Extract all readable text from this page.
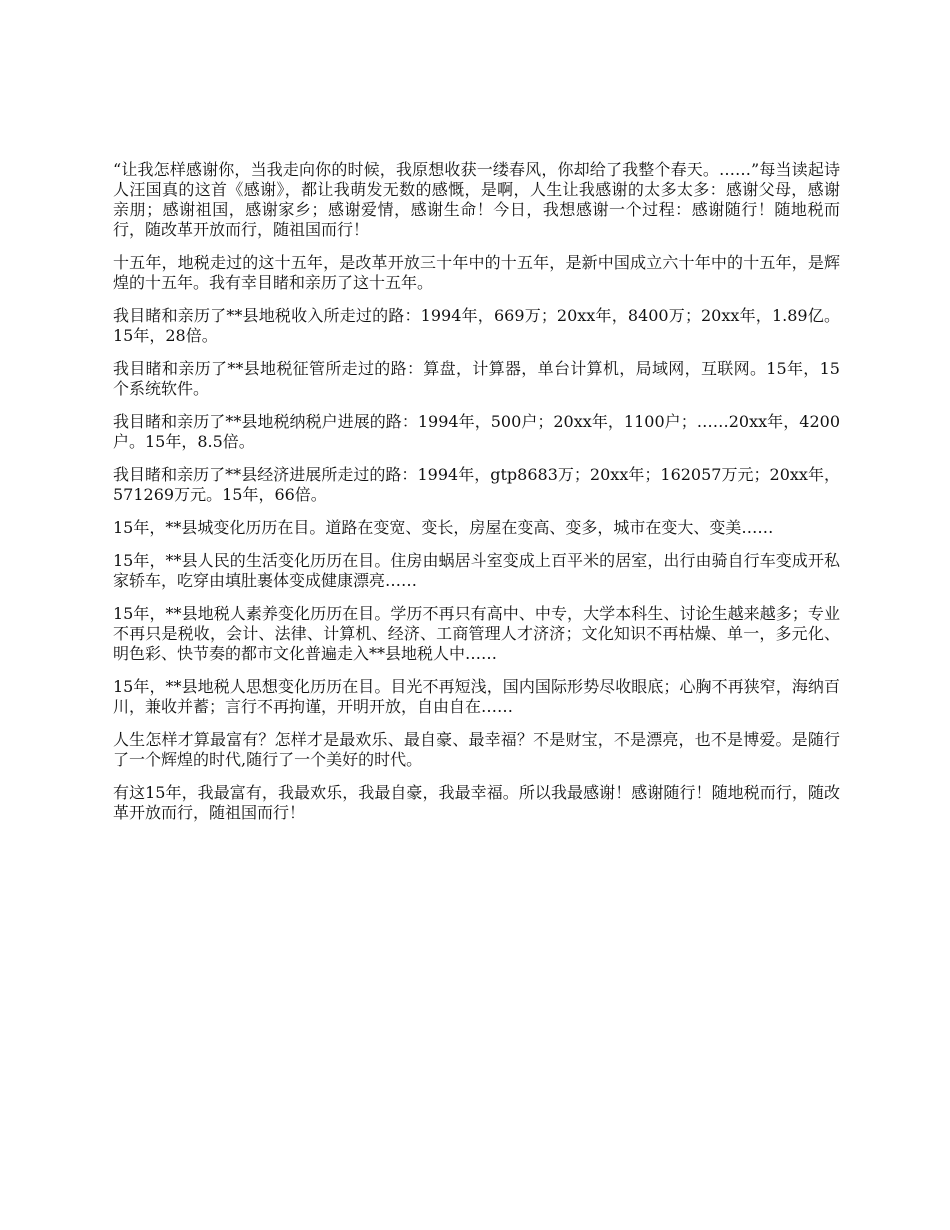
“让我怎样感谢你，当我走向你的时候，我原想收获一缕春风，你却给了我整个春天。……”每当读起诗人汪国真的这首《感谢》，都让我萌发无数的感慨，是啊，人生让我感谢的太多太多：感谢父母，感谢亲朋；感谢祖国，感谢家乡；感谢爱情，感谢生命！今日，我想感谢一个过程：感谢随行！随地税而行，随改革开放而行，随祖国而行！

十五年，地税走过的这十五年，是改革开放三十年中的十五年，是新中国成立六十年中的十五年，是辉煌的十五年。我有幸目睹和亲历了这十五年。

我目睹和亲历了**县地税收入所走过的路：1994年，669万；20xx年，8400万；20xx年，1.89亿。15年，28倍。

我目睹和亲历了**县地税征管所走过的路：算盘，计算器，单台计算机，局域网，互联网。15年，15个系统软件。

我目睹和亲历了**县地税纳税户进展的路：1994年，500户；20xx年，1100户；……20xx年，4200户。15年，8.5倍。

我目睹和亲历了**县经济进展所走过的路：1994年，gtp8683万；20xx年；162057万元；20xx年，571269万元。15年，66倍。

15年，**县城变化历历在目。道路在变宽、变长，房屋在变高、变多，城市在变大、变美……

15年，**县人民的生活变化历历在目。住房由蜗居斗室变成上百平米的居室，出行由骑自行车变成开私家轿车，吃穿由填肚裹体变成健康漂亮……

15年，**县地税人素养变化历历在目。学历不再只有高中、中专，大学本科生、讨论生越来越多；专业不再只是税收，会计、法律、计算机、经济、工商管理人才济济；文化知识不再枯燥、单一，多元化、明色彩、快节奏的都市文化普遍走入**县地税人中……

15年，**县地税人思想变化历历在目。目光不再短浅，国内国际形势尽收眼底；心胸不再狭窄，海纳百川，兼收并蓄；言行不再拘谨，开明开放，自由自在……

人生怎样才算最富有？怎样才是最欢乐、最自豪、最幸福？不是财宝，不是漂亮，也不是博爱。是随行了一个辉煌的时代,随行了一个美好的时代。

有这15年，我最富有，我最欢乐，我最自豪，我最幸福。所以我最感谢！感谢随行！随地税而行，随改革开放而行，随祖国而行！
